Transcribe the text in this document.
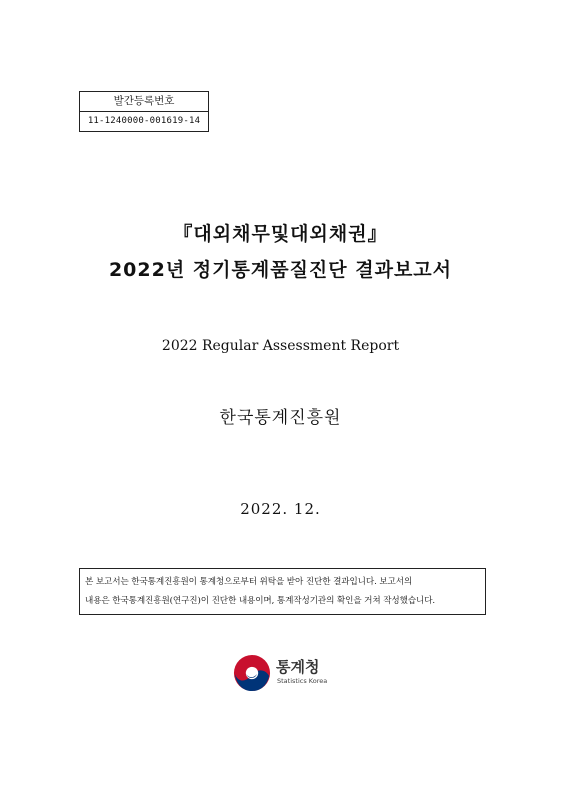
발간등록번호
11-1240000-001619-14
『대외채무및대외채권』
2022년 정기통계품질진단 결과보고서
2022 Regular Assessment Report
한국통계진흥원
2022. 12.
본 보고서는 한국통계진흥원이 통계청으로부터 위탁을 받아 진단한 결과입니다. 보고서의
내용은 한국통계진흥원(연구진)이 진단한 내용이며, 통계작성기관의 확인을 거쳐 작성했습니다.
통계청
Statistics Korea
